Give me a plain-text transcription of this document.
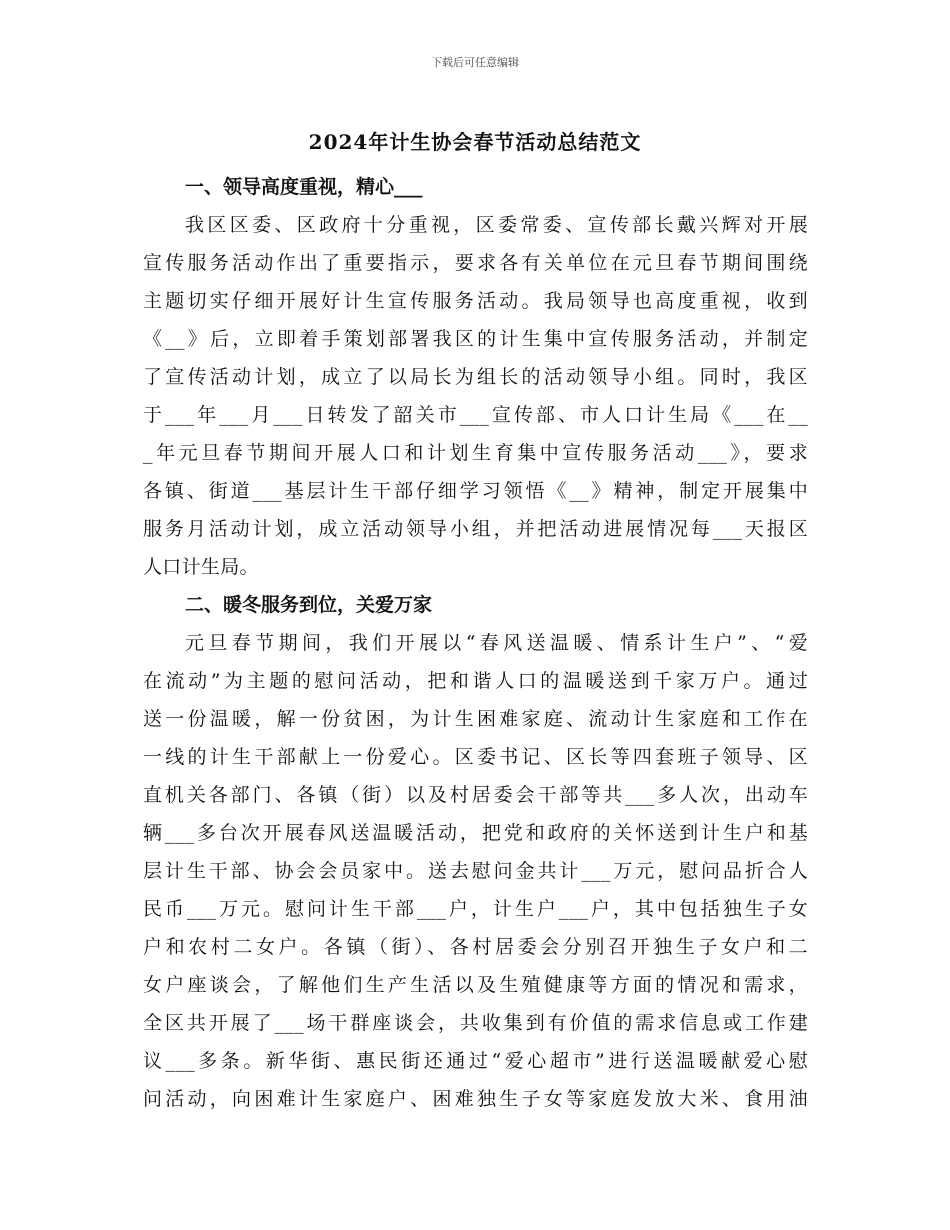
下载后可任意编辑
2024年计生协会春节活动总结范文
一、领导高度重视，精心___
我区区委、区政府十分重视，区委常委、宣传部长戴兴辉对开展
宣传服务活动作出了重要指示，要求各有关单位在元旦春节期间围绕
主题切实仔细开展好计生宣传服务活动。我局领导也高度重视，收到
《__》后，立即着手策划部署我区的计生集中宣传服务活动，并制定
了宣传活动计划，成立了以局长为组长的活动领导小组。同时，我区
于___年___月___日转发了韶关市___宣传部、市人口计生局《___在__
_年元旦春节期间开展人口和计划生育集中宣传服务活动___》，要求
各镇、街道___基层计生干部仔细学习领悟《__》精神，制定开展集中
服务月活动计划，成立活动领导小组，并把活动进展情况每___天报区
人口计生局。
二、暖冬服务到位，关爱万家
元旦春节期间，我们开展以“春风送温暖、情系计生户”、“爱
在流动”为主题的慰问活动，把和谐人口的温暖送到千家万户。通过
送一份温暖，解一份贫困，为计生困难家庭、流动计生家庭和工作在
一线的计生干部献上一份爱心。区委书记、区长等四套班子领导、区
直机关各部门、各镇（街）以及村居委会干部等共___多人次，出动车
辆___多台次开展春风送温暖活动，把党和政府的关怀送到计生户和基
层计生干部、协会会员家中。送去慰问金共计___万元，慰问品折合人
民币___万元。慰问计生干部___户，计生户___户，其中包括独生子女
户和农村二女户。各镇（街）、各村居委会分别召开独生子女户和二
女户座谈会，了解他们生产生活以及生殖健康等方面的情况和需求，
全区共开展了___场干群座谈会，共收集到有价值的需求信息或工作建
议___多条。新华街、惠民街还通过“爱心超市”进行送温暖献爱心慰
问活动，向困难计生家庭户、困难独生子女等家庭发放大米、食用油
